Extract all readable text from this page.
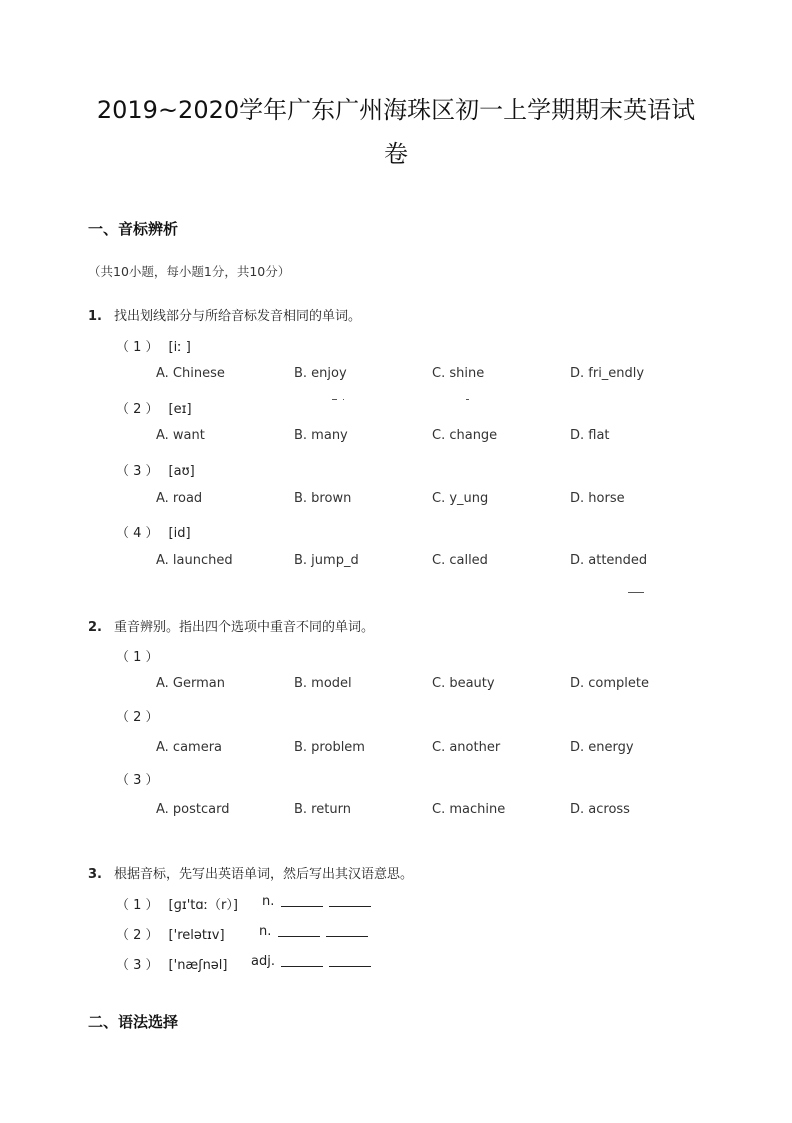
2019~2020学年广东广州海珠区初一上学期期末英语试
卷
一、音标辨析
（共10小题，每小题1分，共10分）
1. 找出划线部分与所给音标发音相同的单词。
（ 1 ） [iː ]
A. Chinese	B. enjoy	C. shine	D. fri_endly
（ 2 ） [eɪ]
A. want	B. many	C. change	D. flat
（ 3 ） [aʊ]
A. road	B. brown	C. y_ung	D. horse
（ 4 ） [id]
A. launched	B. jump_d	C. called	D. attended
2. 重音辨别。指出四个选项中重音不同的单词。
（ 1 ）
A. German	B. model	C. beauty	D. complete
（ 2 ）
A. camera	B. problem	C. another	D. energy
（ 3 ）
A. postcard	B. return	C. machine	D. across
3. 根据音标，先写出英语单词，然后写出其汉语意思。
（ 1 ） [ɡɪ'tɑː（r）] n.
（ 2 ） ['relətɪv]	n.
（ 3 ） ['næʃnəl] adj.
二、语法选择
